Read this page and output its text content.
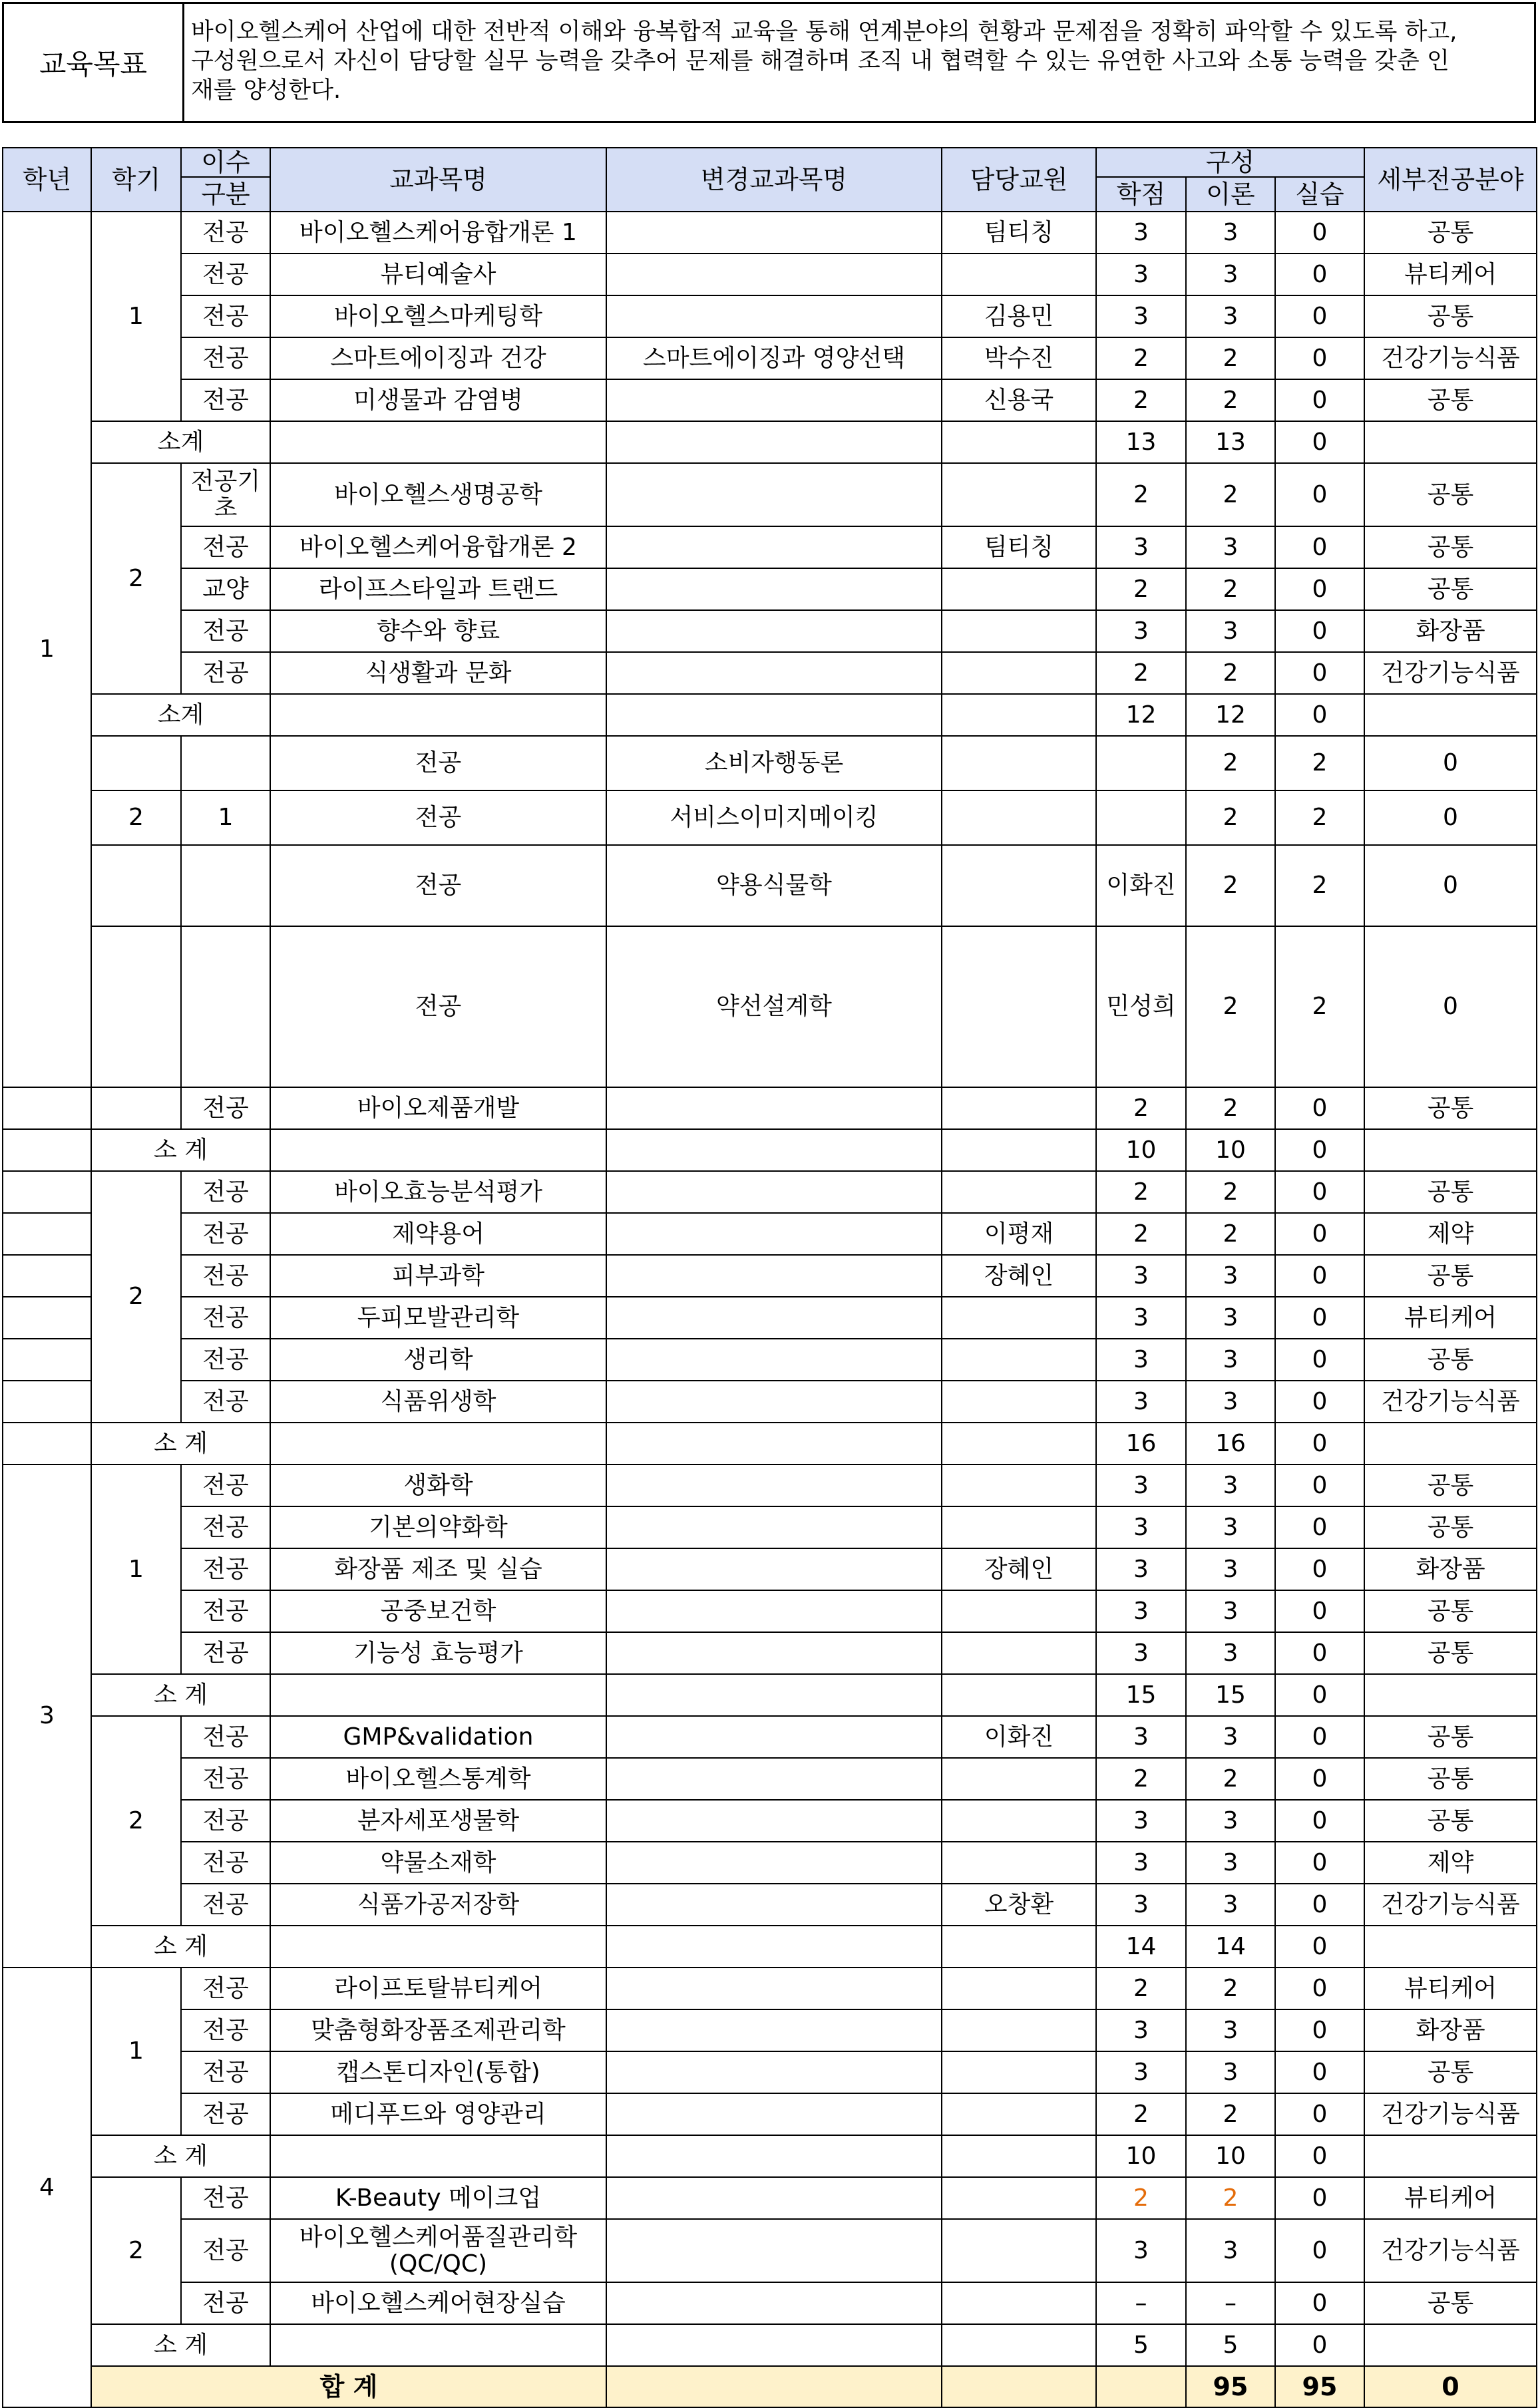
교육목표
바이오헬스케어 산업에 대한 전반적 이해와 융복합적 교육을 통해 연계분야의 현황과 문제점을 정확히 파악할 수 있도록 하고,
구성원으로서 자신이 담당할 실무 능력을 갖추어 문제를 해결하며 조직 내 협력할 수 있는 유연한 사고와 소통 능력을 갖춘 인
재를 양성한다.
학년	학기	이수	교과목명	변경교과목명	담당교원	구성			세부전공분야	
		구분				학점	이론	실습		
1	1	전공	바이오헬스케어융합개론 1		팀티칭	3	3	0	공통	
		전공	뷰티예술사			3	3	0	뷰티케어	
		전공	바이오헬스마케팅학		김용민	3	3	0	공통	
		전공	스마트에이징과 건강	스마트에이징과 영양선택	박수진	2	2	0	건강기능식품	
		전공	미생물과 감염병		신용국	2	2	0	공통	
	소계					13	13	0		
	2	전공기초	바이오헬스생명공학			2	2	0	공통	
		전공	바이오헬스케어융합개론 2		팀티칭	3	3	0	공통	
		교양	라이프스타일과 트랜드			2	2	0	공통	
		전공	향수와 향료			3	3	0	화장품	
		전공	식생활과 문화			2	2	0	건강기능식품	
	소계					12	12	0		
			전공	소비자행동론			2	2	0	
	2	1	전공	서비스이미지메이킹			2	2	0	
			전공	약용식물학		이화진	2	2	0	
			전공	약선설계학		민성희	2	2	0	
		전공	바이오제품개발			2	2	0	공통	
	소 계					10	10	0		
	2	전공	바이오효능분석평가			2	2	0	공통	
		전공	제약용어		이평재	2	2	0	제약	
		전공	피부과학		장혜인	3	3	0	공통	
		전공	두피모발관리학			3	3	0	뷰티케어	
		전공	생리학			3	3	0	공통	
		전공	식품위생학			3	3	0	건강기능식품	
	소 계					16	16	0		
3	1	전공	생화학			3	3	0	공통	
		전공	기본의약화학			3	3	0	공통	
		전공	화장품 제조 및 실습		장혜인	3	3	0	화장품	
		전공	공중보건학			3	3	0	공통	
		전공	기능성 효능평가			3	3	0	공통	
	소 계					15	15	0		
	2	전공	GMP&validation		이화진	3	3	0	공통	
		전공	바이오헬스통계학			2	2	0	공통	
		전공	분자세포생물학			3	3	0	공통	
		전공	약물소재학			3	3	0	제약	
		전공	식품가공저장학		오창환	3	3	0	건강기능식품	
	소 계					14	14	0		
4	1	전공	라이프토탈뷰티케어			2	2	0	뷰티케어	
		전공	맞춤형화장품조제관리학			3	3	0	화장품	
		전공	캡스톤디자인(통합)			3	3	0	공통	
		전공	메디푸드와 영양관리			2	2	0	건강기능식품	
	소 계					10	10	0		
	2	전공	K-Beauty 메이크업			2	2	0	뷰티케어	
		전공	바이오헬스케어품질관리학 (QC/QC)			3	3	0	건강기능식품	
		전공	바이오헬스케어현장실습			–	–	0	공통	
	소 계					5	5	0		
	합 계						95	95	0	
